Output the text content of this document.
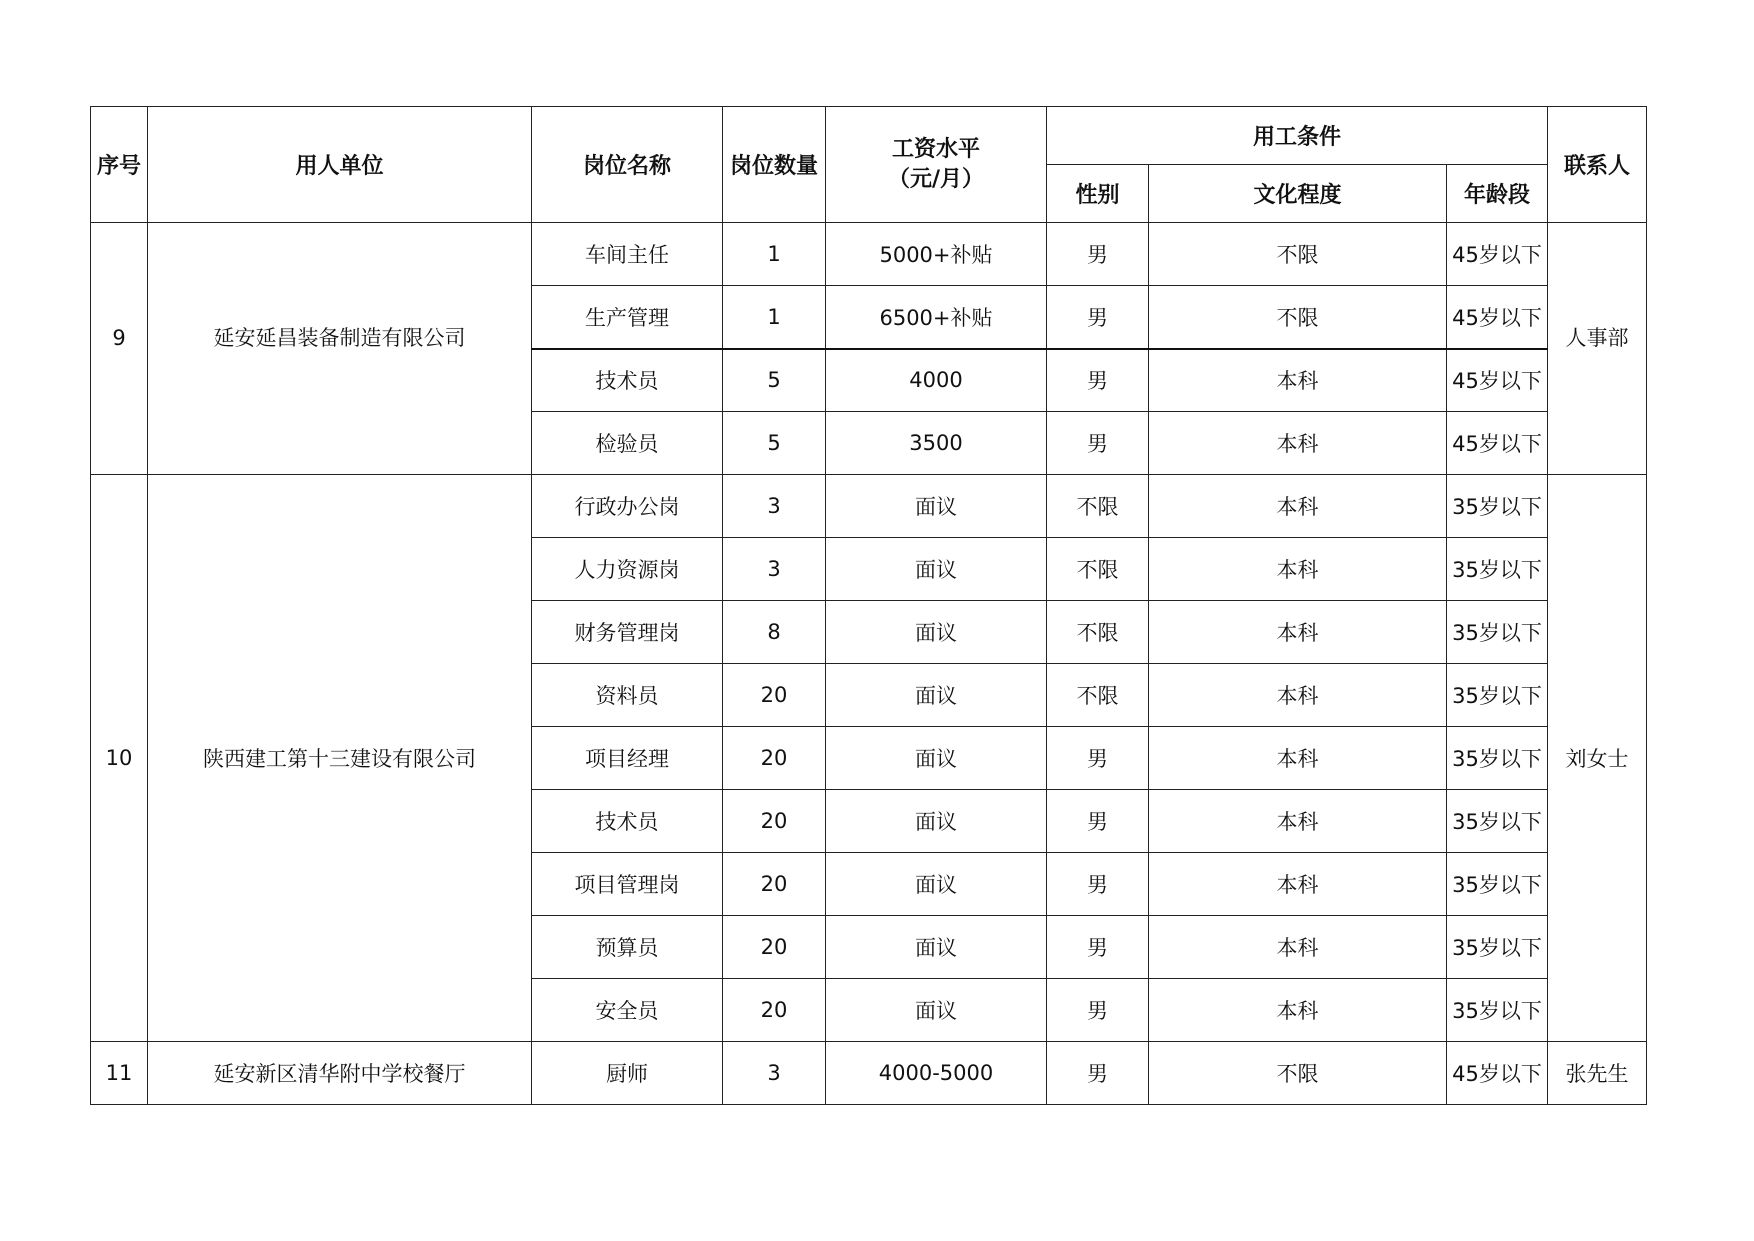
序号	用人单位	岗位名称	岗位数量	工资水平
（元/月）	用工条件			联系人
					性别	文化程度	年龄段	

9	延安延昌装备制造有限公司	车间主任	1	5000+补贴	男	不限	45岁以下	人事部

		生产管理	1	6500+补贴	男	不限	45岁以下	
		技术员	5	4000	男	本科	45岁以下	
		检验员	5	3500	男	本科	45岁以下	
10	陕西建工第十三建设有限公司	行政办公岗	3	面议	不限	本科	35岁以下	刘女士
		人力资源岗	3	面议	不限	本科	35岁以下	
		财务管理岗	8	面议	不限	本科	35岁以下	
		资料员	20	面议	不限	本科	35岁以下	
		项目经理	20	面议	男	本科	35岁以下	
		技术员	20	面议	男	本科	35岁以下	
		项目管理岗	20	面议	男	本科	35岁以下	
		预算员	20	面议	男	本科	35岁以下	
		安全员	20	面议	男	本科	35岁以下	
11	延安新区清华附中学校餐厅	厨师	3	4000-5000	男	不限	45岁以下	张先生
